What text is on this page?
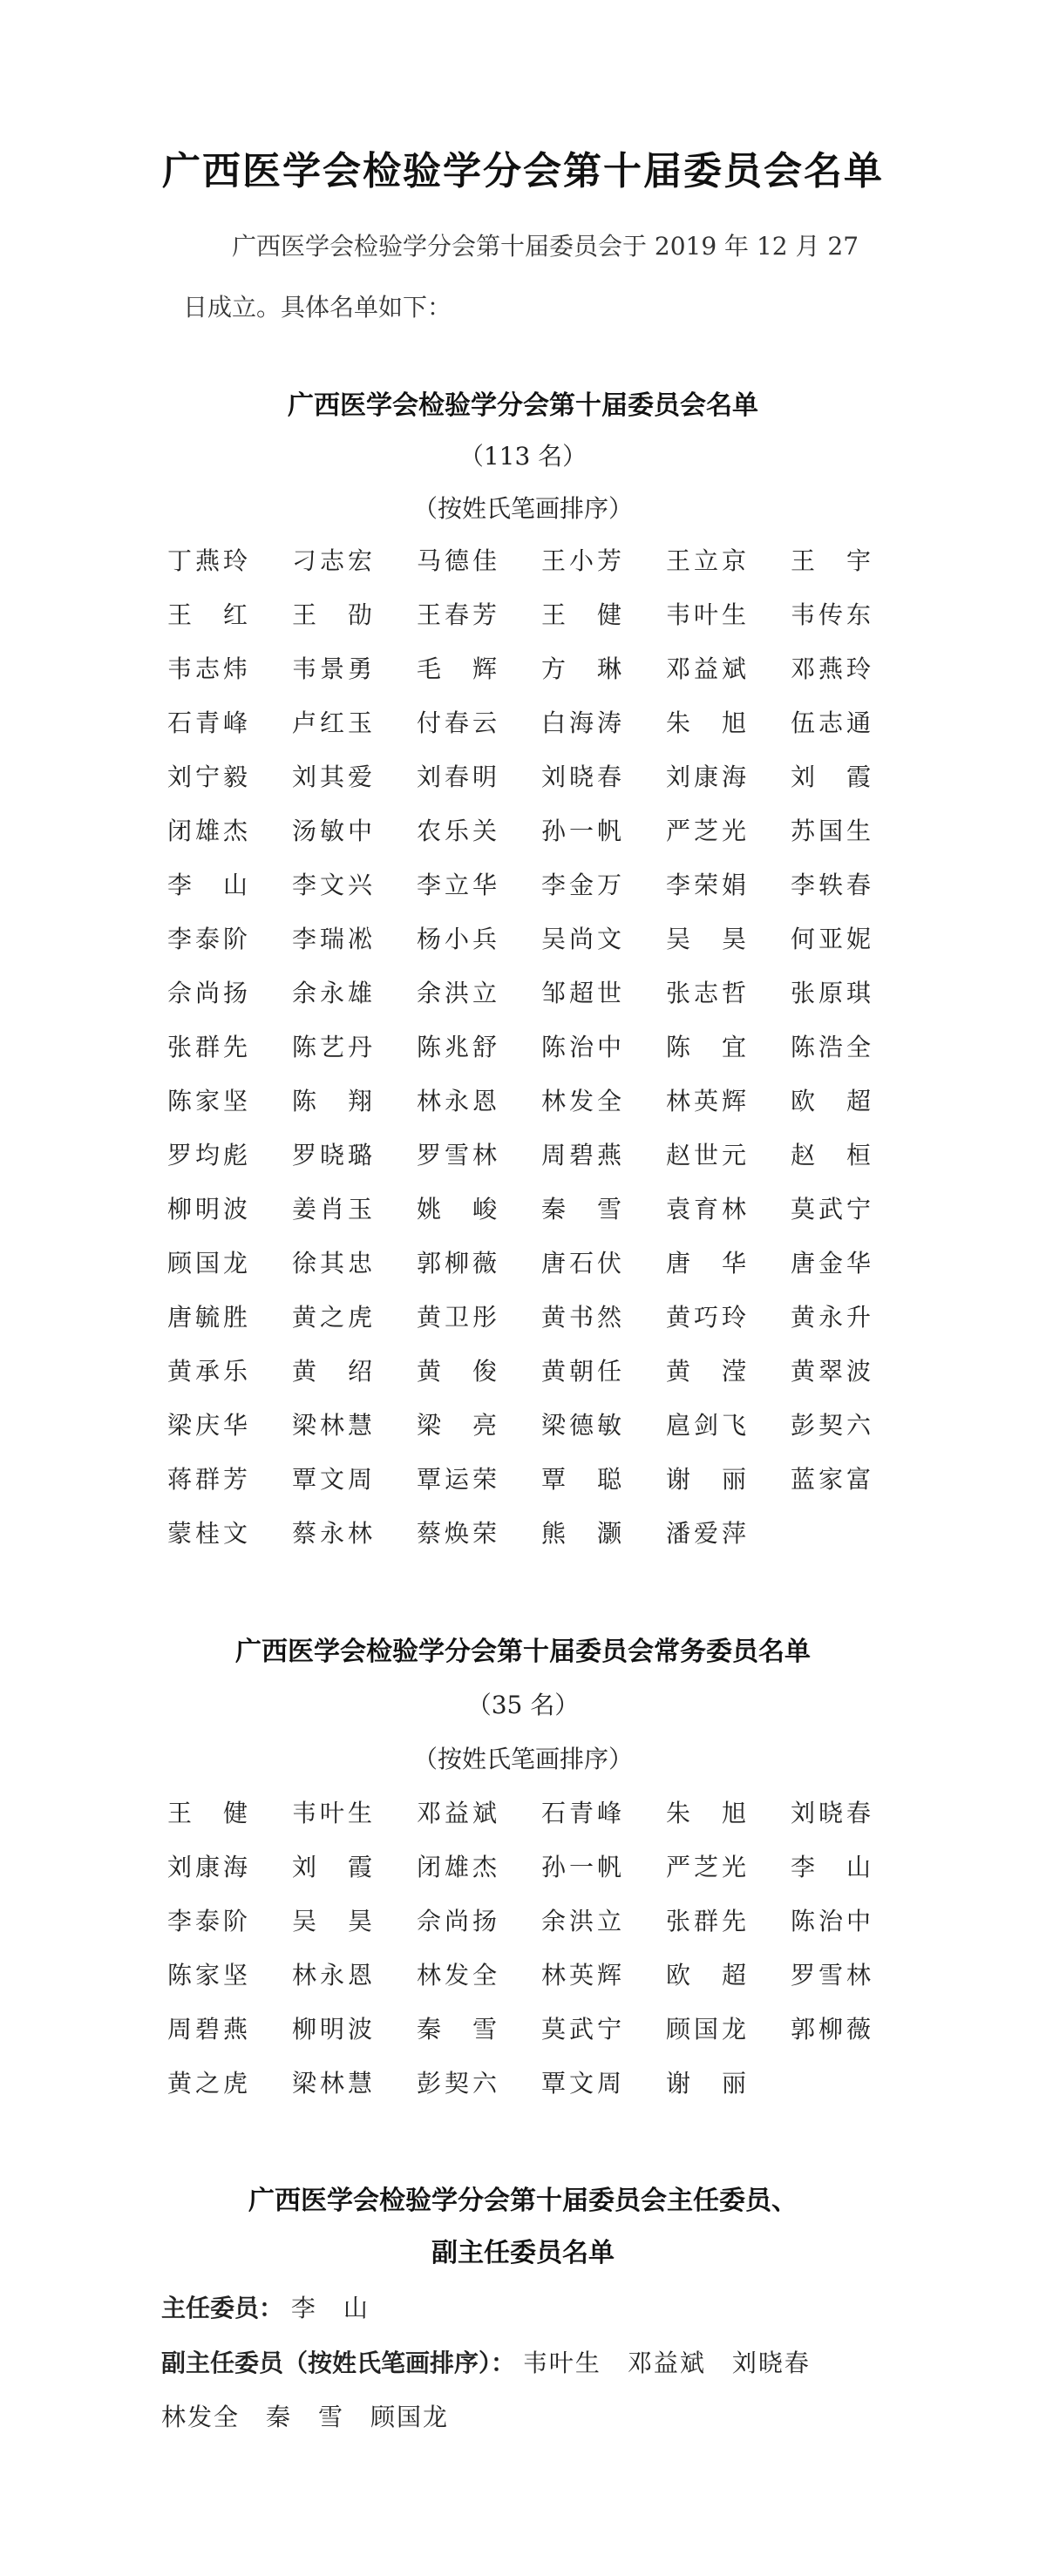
广西医学会检验学分会第十届委员会名单

广西医学会检验学分会第十届委员会于 2019 年 12 月 27

日成立。具体名单如下：

广西医学会检验学分会第十届委员会名单
（113 名）
（按姓氏笔画排序）
丁燕玲	刁志宏	马德佳	王小芳	王立京	王　宇
王　红	王　劭	王春芳	王　健	韦叶生	韦传东
韦志炜	韦景勇	毛　辉	方　琳	邓益斌	邓燕玲
石青峰	卢红玉	付春云	白海涛	朱　旭	伍志通
刘宁毅	刘其爱	刘春明	刘晓春	刘康海	刘　霞
闭雄杰	汤敏中	农乐关	孙一帆	严芝光	苏国生
李　山	李文兴	李立华	李金万	李荣娟	李轶春
李泰阶	李瑞凇	杨小兵	吴尚文	吴　昊	何亚妮
佘尚扬	余永雄	余洪立	邹超世	张志哲	张原琪
张群先	陈艺丹	陈兆舒	陈治中	陈　宜	陈浩全
陈家坚	陈　翔	林永恩	林发全	林英辉	欧　超
罗均彪	罗晓璐	罗雪林	周碧燕	赵世元	赵　桓
柳明波	姜肖玉	姚　峻	秦　雪	袁育林	莫武宁
顾国龙	徐其忠	郭柳薇	唐石伏	唐　华	唐金华
唐毓胜	黄之虎	黄卫彤	黄书然	黄巧玲	黄永升
黄承乐	黄　绍	黄　俊	黄朝任	黄　滢	黄翠波
梁庆华	梁林慧	梁　亮	梁德敏	扈剑飞	彭契六
蒋群芳	覃文周	覃运荣	覃　聪	谢　丽	蓝家富
蒙桂文	蔡永林	蔡焕荣	熊　灏	潘爱萍
广西医学会检验学分会第十届委员会常务委员名单
（35 名）
（按姓氏笔画排序）
王　健	韦叶生	邓益斌	石青峰	朱　旭	刘晓春
刘康海	刘　霞	闭雄杰	孙一帆	严芝光	李　山
李泰阶	吴　昊	佘尚扬	余洪立	张群先	陈治中
陈家坚	林永恩	林发全	林英辉	欧　超	罗雪林
周碧燕	柳明波	秦　雪	莫武宁	顾国龙	郭柳薇
黄之虎	梁林慧	彭契六	覃文周	谢　丽
广西医学会检验学分会第十届委员会主任委员、
副主任委员名单
主任委员： 李　山
副主任委员（按姓氏笔画排序）： 韦叶生　邓益斌　刘晓春
林发全　秦　雪　顾国龙
